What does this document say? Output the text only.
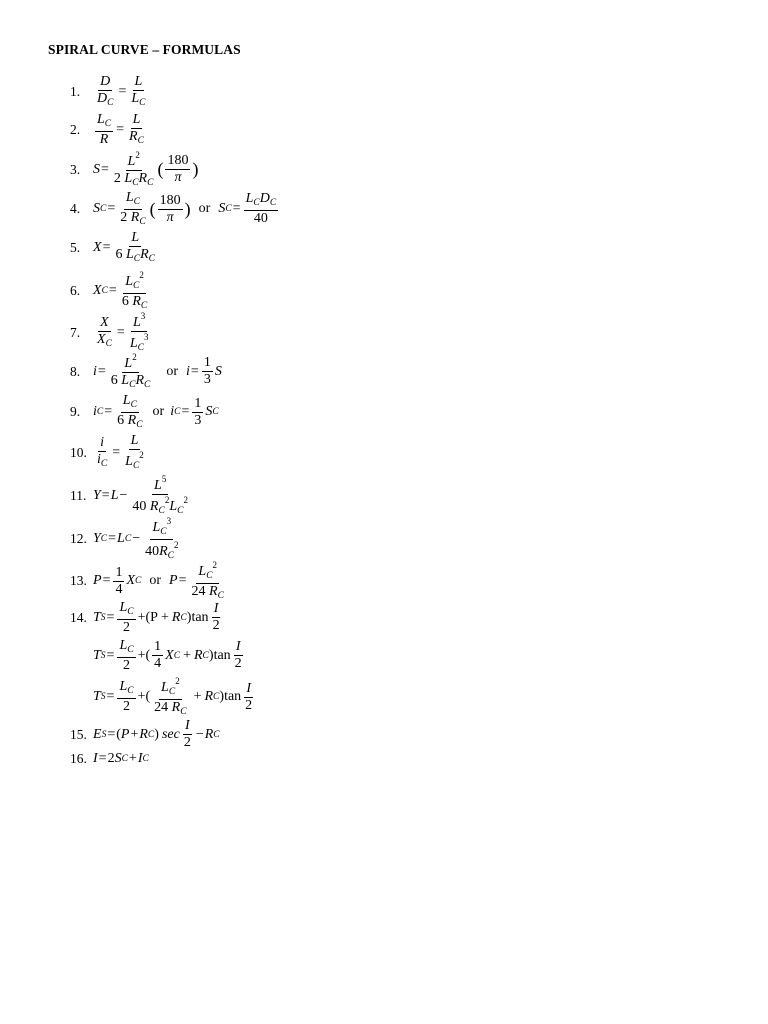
SPIRAL CURVE – FORMULAS
1.	$\frac{D}{D_C} = \frac{L}{L_C}$
2.	$\frac{L_C}{R} = \frac{L}{R_C}$
3. $S = \frac{L^2}{2 L_CR_C}$ ( $\frac{180}{\pi}$ )
4. S $C = \frac{L_C}{2 R_C}$ ( $\frac{180}{\pi}$ ) or S $C = \frac{L_CD_C}{40}$
5. $X = \frac{L}{6 L_CR_C}$
6. X $C = \frac{L_C^2}{6 R_C}$
7.	$\frac{X}{X_C} = \frac{L^3}{L_C^3}$
8. $i = \frac{L^2}{6 L_CR_C}$ or $i = \frac{1}{3}$ S
9. i $C = \frac{L_C}{6 R_C}$ or i $C = \frac{1}{3}$ S C
10. $\frac{i}{i_C} = \frac{L}{L_C^2}$
11. $Y = L - \frac{L^5}{40 R_C^2L_C^2}$
12. Y C = L $C - \frac{L_C^3}{40R_C^2}$
13. $P = \frac{1}{4}$ X C or $P = \frac{L_C^2}{24 R_C}$
14. T $S = \frac{L_C}{2}$ + ( P + R C ) $\tan \frac{I}{2}$
T $S = \frac{L_C}{2}$ + ( $\frac{1}{4}$ X C + R C ) $\tan \frac{I}{2}$
T $S = \frac{L_C}{2}$ + ( $\frac{L_C^2}{24 R_C} + R$ C ) $\tan \frac{I}{2}$
15. E S = ( P + R C ) $\sec \frac{I}{2} - R$ C
16. I = 2 S C + I C
